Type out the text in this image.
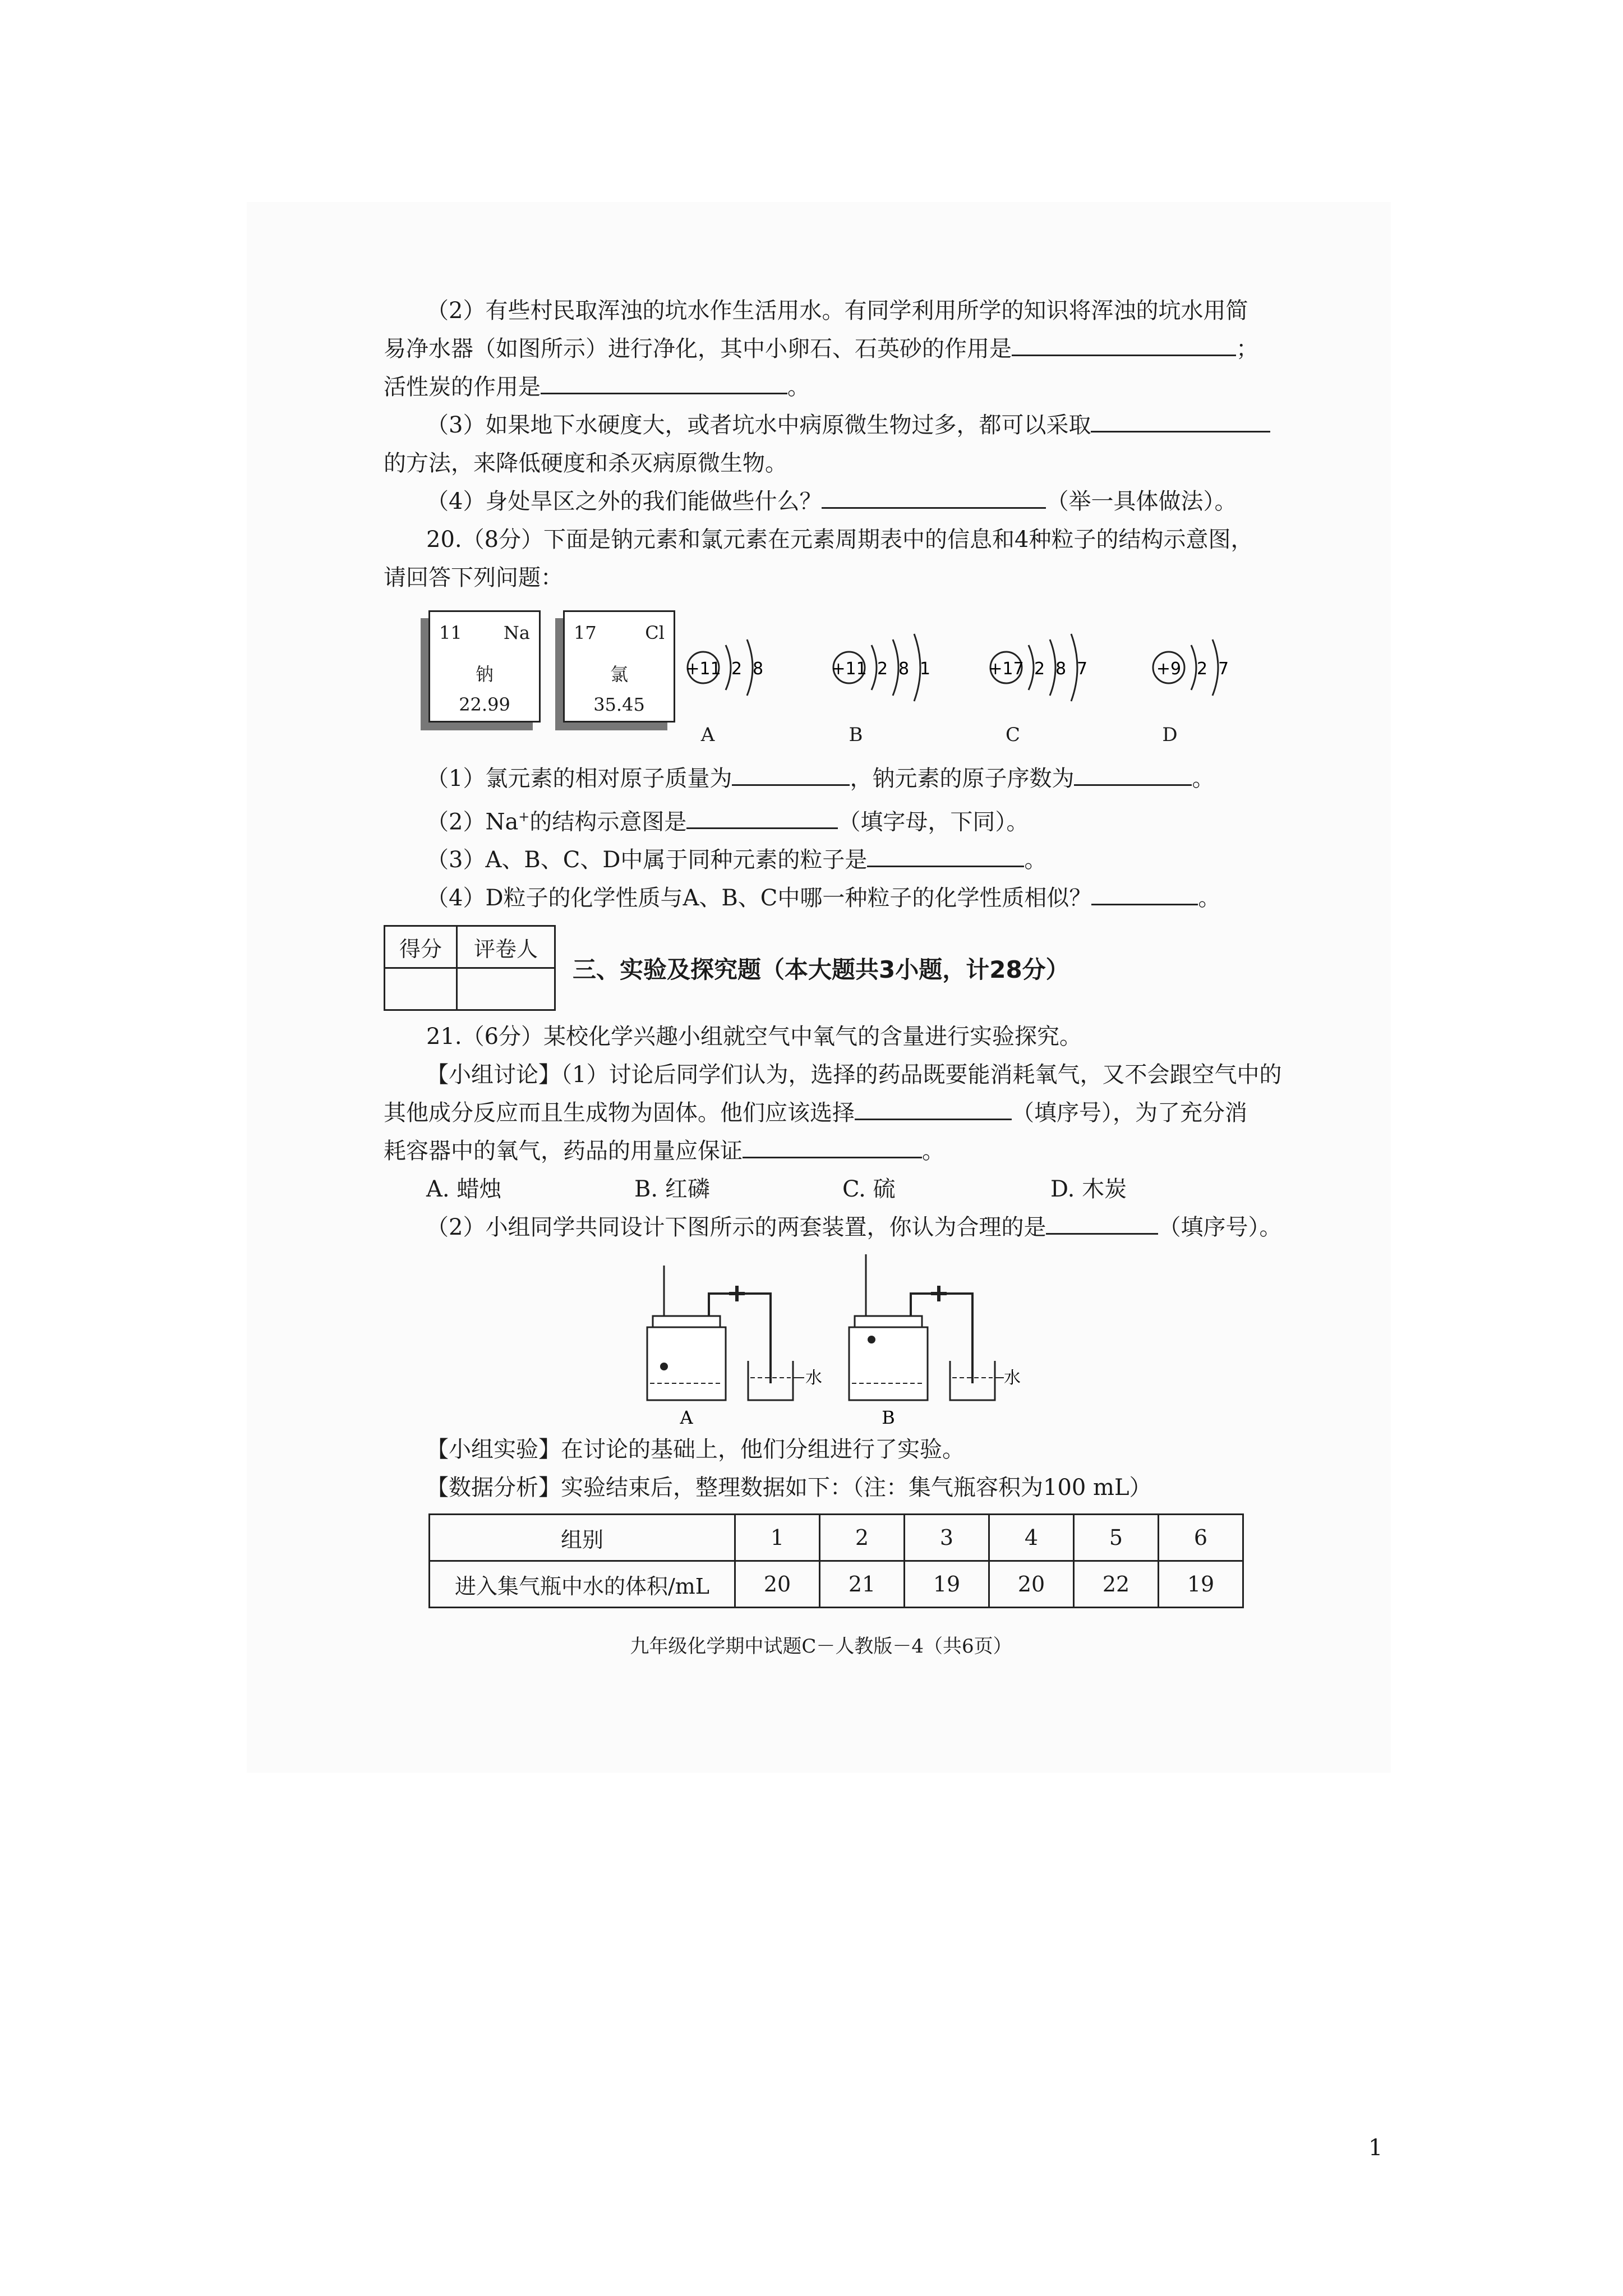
（2）有些村民取浑浊的坑水作生活用水。有同学利用所学的知识将浑浊的坑水用简
易净水器（如图所示）进行净化，其中小卵石、石英砂的作用是	；
活性炭的作用是	。
（3）如果地下水硬度大，或者坑水中病原微生物过多，都可以采取
的方法，来降低硬度和杀灭病原微生物。
（4）身处旱区之外的我们能做些什么？	（举一具体做法）。
20.（8分）下面是钠元素和氯元素在元素周期表中的信息和4种粒子的结构示意图，
请回答下列问题：
11 Na
钠
22.99
17	Cl
氯
35.45
+11 2 8
A
+11 2 8 1
B
+17 2 8 7
C
+9 2 7
D
（1）氯元素的相对原子质量为	，钠元素的原子序数为	。
（2）Na+的结构示意图是	（填字母，下同）。
（3）A、B、C、D中属于同种元素的粒子是	。
（4）D粒子的化学性质与A、B、C中哪一种粒子的化学性质相似？	。
得分	评卷人

三、实验及探究题（本大题共3小题，计28分）
21.（6分）某校化学兴趣小组就空气中氧气的含量进行实验探究。
【小组讨论】（1）讨论后同学们认为，选择的药品既要能消耗氧气，又不会跟空气中的
其他成分反应而且生成物为固体。他们应该选择	（填序号），为了充分消
耗容器中的氧气，药品的用量应保证	。
A. 蜡烛	B. 红磷	C. 硫	D. 木炭
（2）小组同学共同设计下图所示的两套装置，你认为合理的是	（填序号）。
水
A
水
B
【小组实验】在讨论的基础上，他们分组进行了实验。
【数据分析】实验结束后，整理数据如下：（注：集气瓶容积为100 mL）
组别	1	2	3	4	5	6
进入集气瓶中水的体积/mL	20	21	19	20	22	19
九年级化学期中试题C－人教版－4（共6页）
1
